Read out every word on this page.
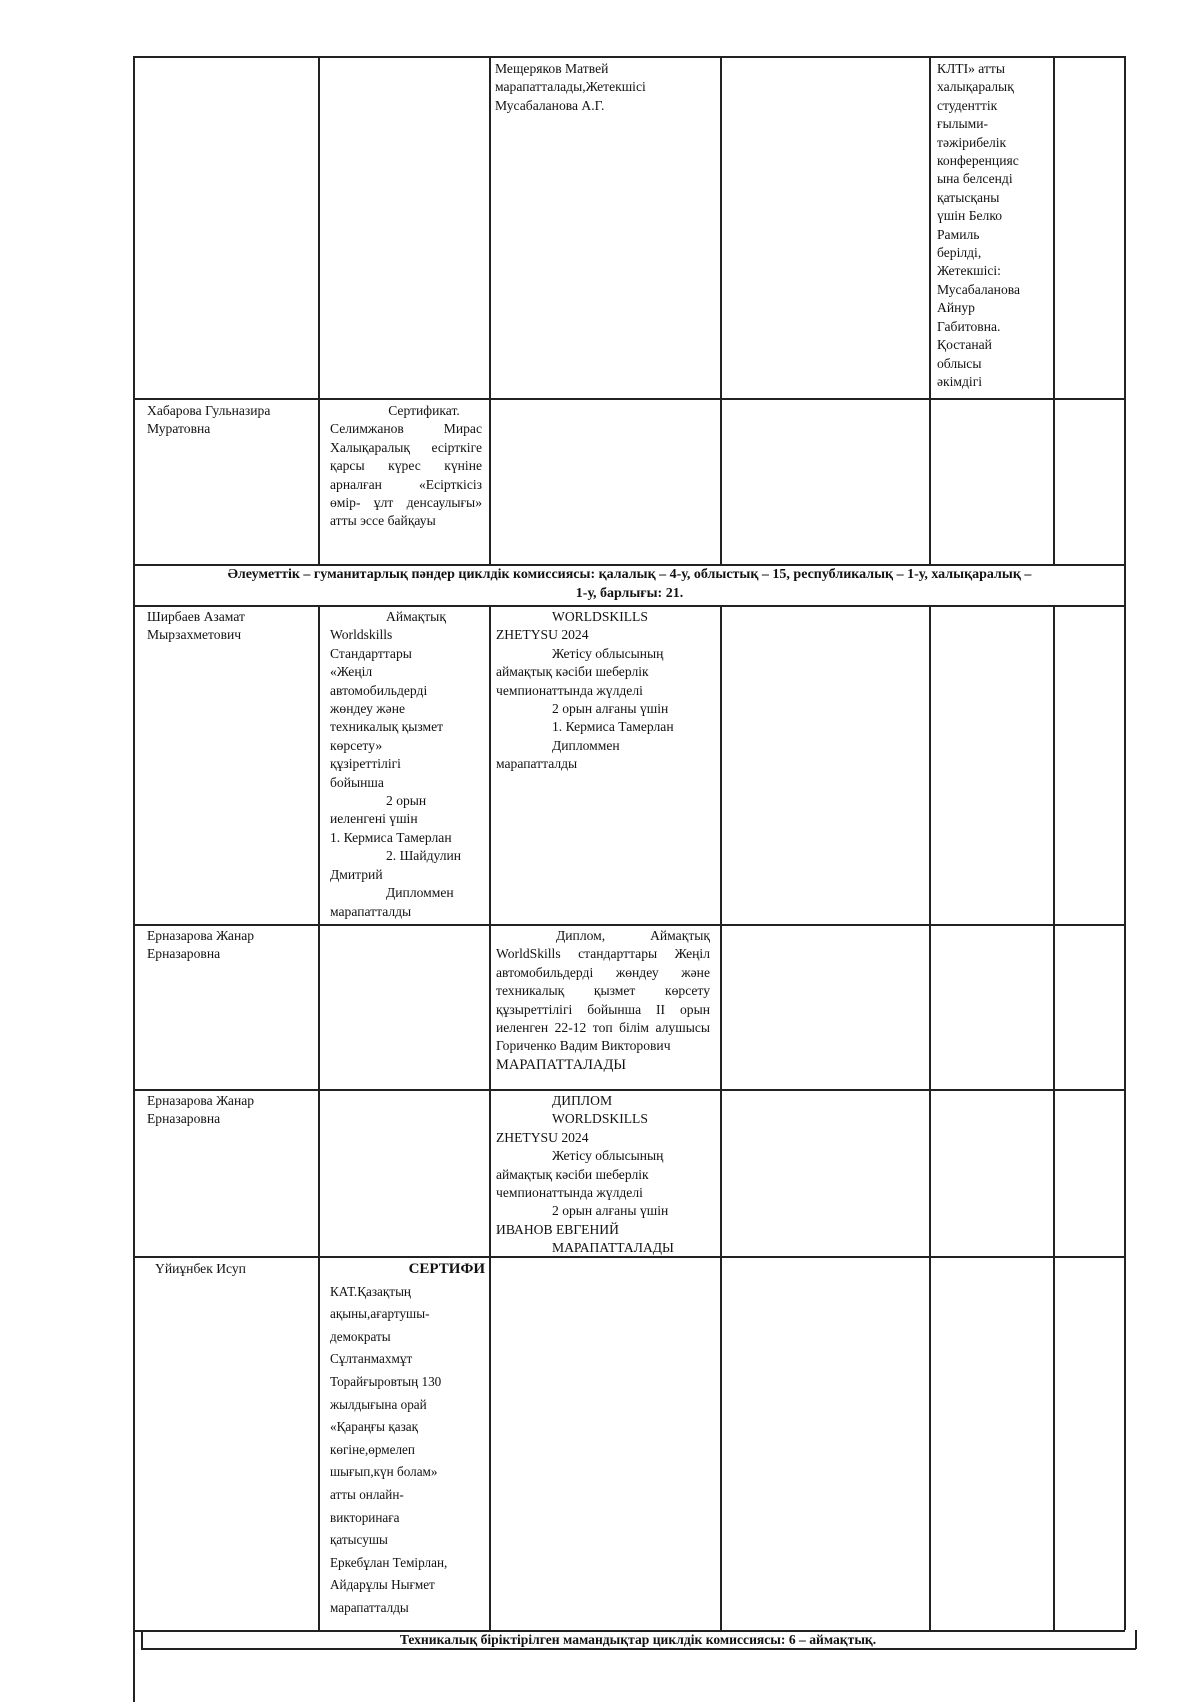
Мещеряков Матвей марапатталады,Жетекшісі Мусабаланова А.Г.

КЛТІ» атты

халықаралық

студенттік

ғылыми-

тәжірибелік

конференцияс

ына белсенді

қатысқаны

үшін Белко

Рамиль

берілді,

Жетекшісі:

Мусабаланова

Айнур

Габитовна.

Қостанай

облысы

әкімдігі

Хабарова Гульназира Муратовна

Сертификат.

Селимжанов Мирас Халықаралық есірткіге қарсы күрес күніне арналған «Есірткісіз өмір- ұлт денсаулығы» атты эссе байқауы

Әлеуметтік – гуманитарлық пәндер циклдік комиссиясы: қалалық – 4-у, облыстық – 15, республикалық – 1-у, халықаралық –
1-у, барлығы: 21.

Ширбаев Азамат Мырзахметович

Аймақтық

Worldskills

Стандарттары

«Жеңіл

автомобильдерді

жөндеу және

техникалық қызмет

көрсету»

құзіреттілігі

бойынша

2 орын

иеленгені үшін

1. Кермиса Тамерлан

2. Шайдулин

Дмитрий

Дипломмен

марапатталды

WORLDSKILLS

ZHETYSU 2024

Жетісу облысының

аймақтық кәсіби шеберлік

чемпионаттында жүлделі

2 орын алғаны үшін

1. Кермиса Тамерлан

Дипломмен

марапатталды

Ерназарова Жанар Ерназаровна

Диплом, Аймақтық WorldSkills стандарттары Жеңіл автомобильдерді жөндеу және техникалық қызмет көрсету құзыреттілігі бойынша ІІ орын иеленген 22-12 топ білім алушысы Гориченко Вадим Викторович

МАРАПАТТАЛАДЫ

Ерназарова Жанар Ерназаровна

ДИПЛОМ

WORLDSKILLS

ZHETYSU 2024

Жетісу облысының

аймақтық кәсіби шеберлік

чемпионаттында жүлделі

2 орын алғаны үшін

ИВАНОВ ЕВГЕНИЙ

МАРАПАТТАЛАДЫ

Үйиұнбек Исуп	СЕРТИФИ

КАТ.Қазақтың

ақыны,ағартушы-

демократы

Сұлтанмахмұт

Торайғыровтың 130

жылдығына орай

«Қараңғы қазақ

көгіне,өрмелеп

шығып,күн болам»

атты онлайн-

викторинаға

қатысушы

Еркебұлан Темірлан,

Айдарұлы Нығмет

марапатталды

Техникалық біріктірілген мамандықтар циклдік комиссиясы: 6 – аймақтық.
